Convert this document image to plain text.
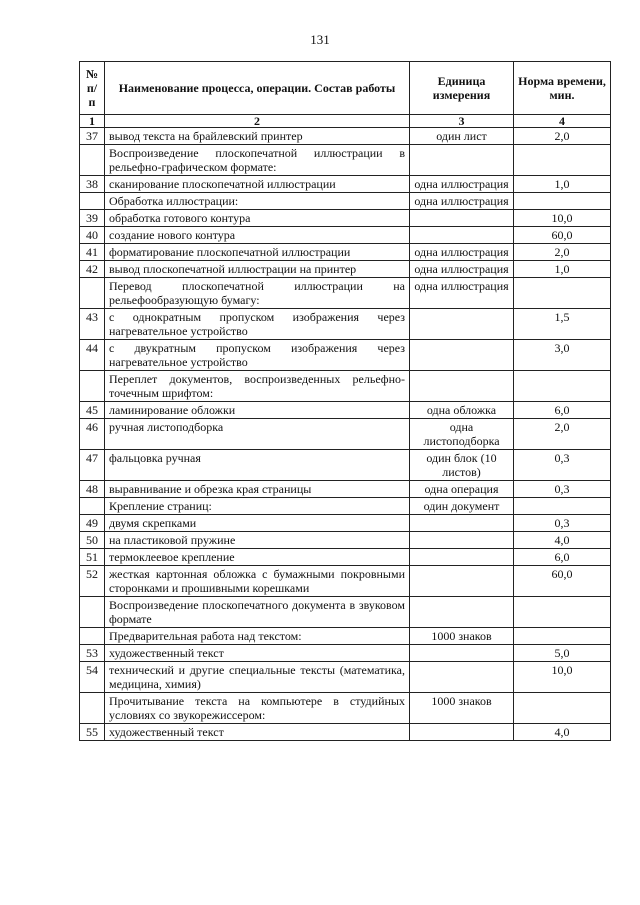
131
№ п/п	Наименование процесса, операции. Состав работы	Единица измерения	Норма времени, мин.
1	2	3	4
37	вывод текста на брайлевский принтер	один лист	2,0
	Воспроизведение плоскопечатной иллюстрации в рельефно-графическом формате:		
38	сканирование плоскопечатной иллюстрации	одна иллюстрация	1,0
	Обработка иллюстрации:	одна иллюстрация	
39	обработка готового контура		10,0
40	создание нового контура		60,0
41	форматирование плоскопечатной иллюстрации	одна иллюстрация	2,0
42	вывод плоскопечатной иллюстрации на принтер	одна иллюстрация	1,0
	Перевод плоскопечатной иллюстрации на рельефообразующую бумагу:	одна иллюстрация	
43	с однократным пропуском изображения через нагревательное устройство		1,5
44	с двукратным пропуском изображения через нагревательное устройство		3,0
	Переплет документов, воспроизведенных рельефно-точечным шрифтом:		
45	ламинирование обложки	одна обложка	6,0
46	ручная листоподборка	одна листоподборка	2,0
47	фальцовка ручная	один блок (10 листов)	0,3
48	выравнивание и обрезка края страницы	одна операция	0,3
	Крепление страниц:	один документ	
49	двумя скрепками		0,3
50	на пластиковой пружине		4,0
51	термоклеевое крепление		6,0
52	жесткая картонная обложка с бумажными покровными сторонками и прошивными корешками		60,0
	Воспроизведение плоскопечатного документа в звуковом формате		
	Предварительная работа над текстом:	1000 знаков	
53	художественный текст		5,0
54	технический и другие специальные тексты (математика, медицина, химия)		10,0
	Прочитывание текста на компьютере в студийных условиях со звукорежиссером:	1000 знаков	
55	художественный текст		4,0
